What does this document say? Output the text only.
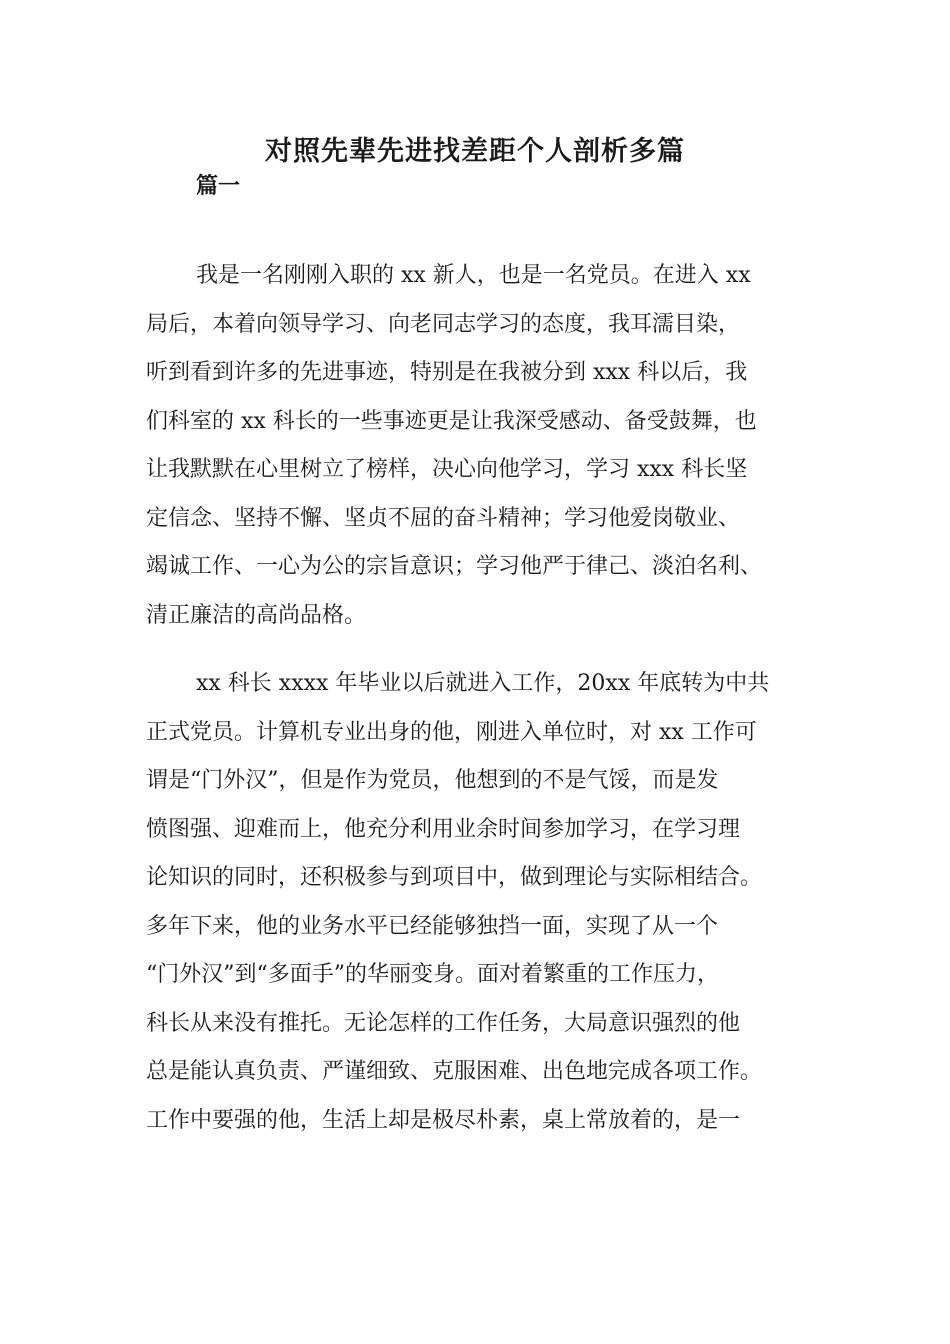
对照先辈先进找差距个人剖析多篇
篇一

我是一名刚刚入职的 xx 新人，也是一名党员。在进入 xx
局后，本着向领导学习、向老同志学习的态度，我耳濡目染，
听到看到许多的先进事迹，特别是在我被分到 xxx 科以后，我
们科室的 xx 科长的一些事迹更是让我深受感动、备受鼓舞，也
让我默默在心里树立了榜样，决心向他学习，学习 xxx 科长坚
定信念、坚持不懈、坚贞不屈的奋斗精神；学习他爱岗敬业、
竭诚工作、一心为公的宗旨意识；学习他严于律己、淡泊名利、
清正廉洁的高尚品格。

xx 科长 xxxx 年毕业以后就进入工作，20xx 年底转为中共
正式党员。计算机专业出身的他，刚进入单位时，对 xx 工作可
谓是“门外汉”，但是作为党员，他想到的不是气馁，而是发
愤图强、迎难而上，他充分利用业余时间参加学习，在学习理
论知识的同时，还积极参与到项目中，做到理论与实际相结合。
多年下来，他的业务水平已经能够独挡一面，实现了从一个
“门外汉”到“多面手”的华丽变身。面对着繁重的工作压力，
科长从来没有推托。无论怎样的工作任务，大局意识强烈的他
总是能认真负责、严谨细致、克服困难、出色地完成各项工作。
工作中要强的他，生活上却是极尽朴素，桌上常放着的，是一
